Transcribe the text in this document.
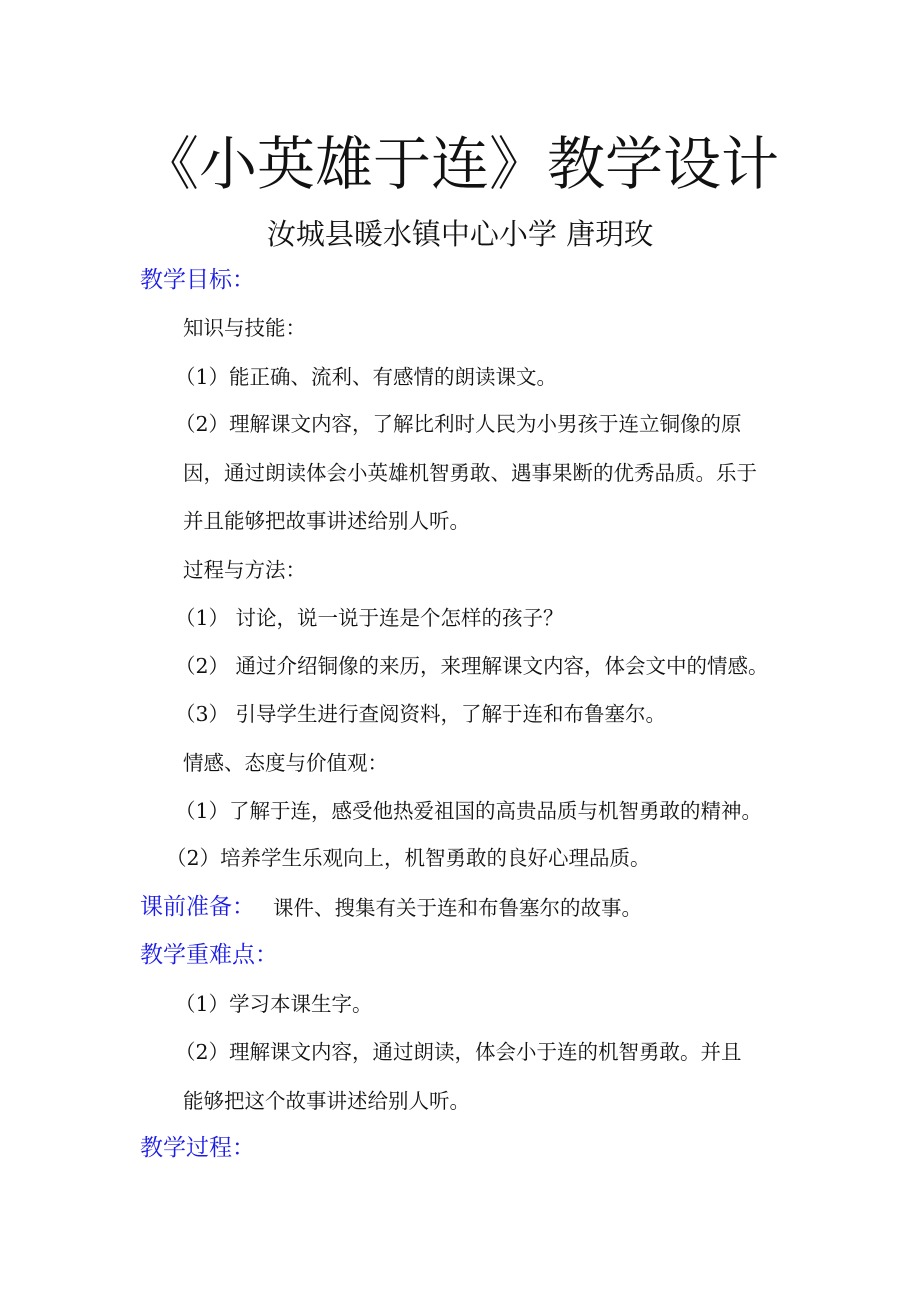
《小英雄于连》教学设计
汝城县暖水镇中心小学 唐玥玫
教学目标：
知识与技能：
（1）能正确、流利、有感情的朗读课文。
（2）理解课文内容，了解比利时人民为小男孩于连立铜像的原
因，通过朗读体会小英雄机智勇敢、遇事果断的优秀品质。乐于
并且能够把故事讲述给别人听。
过程与方法：
（1） 讨论，说一说于连是个怎样的孩子？
（2） 通过介绍铜像的来历，来理解课文内容，体会文中的情感。
（3） 引导学生进行查阅资料，了解于连和布鲁塞尔。
情感、态度与价值观：
（1）了解于连，感受他热爱祖国的高贵品质与机智勇敢的精神。
（2）培养学生乐观向上，机智勇敢的良好心理品质。
课前准备： 课件、搜集有关于连和布鲁塞尔的故事。
教学重难点：
（1）学习本课生字。
（2）理解课文内容，通过朗读，体会小于连的机智勇敢。并且
能够把这个故事讲述给别人听。
教学过程：
